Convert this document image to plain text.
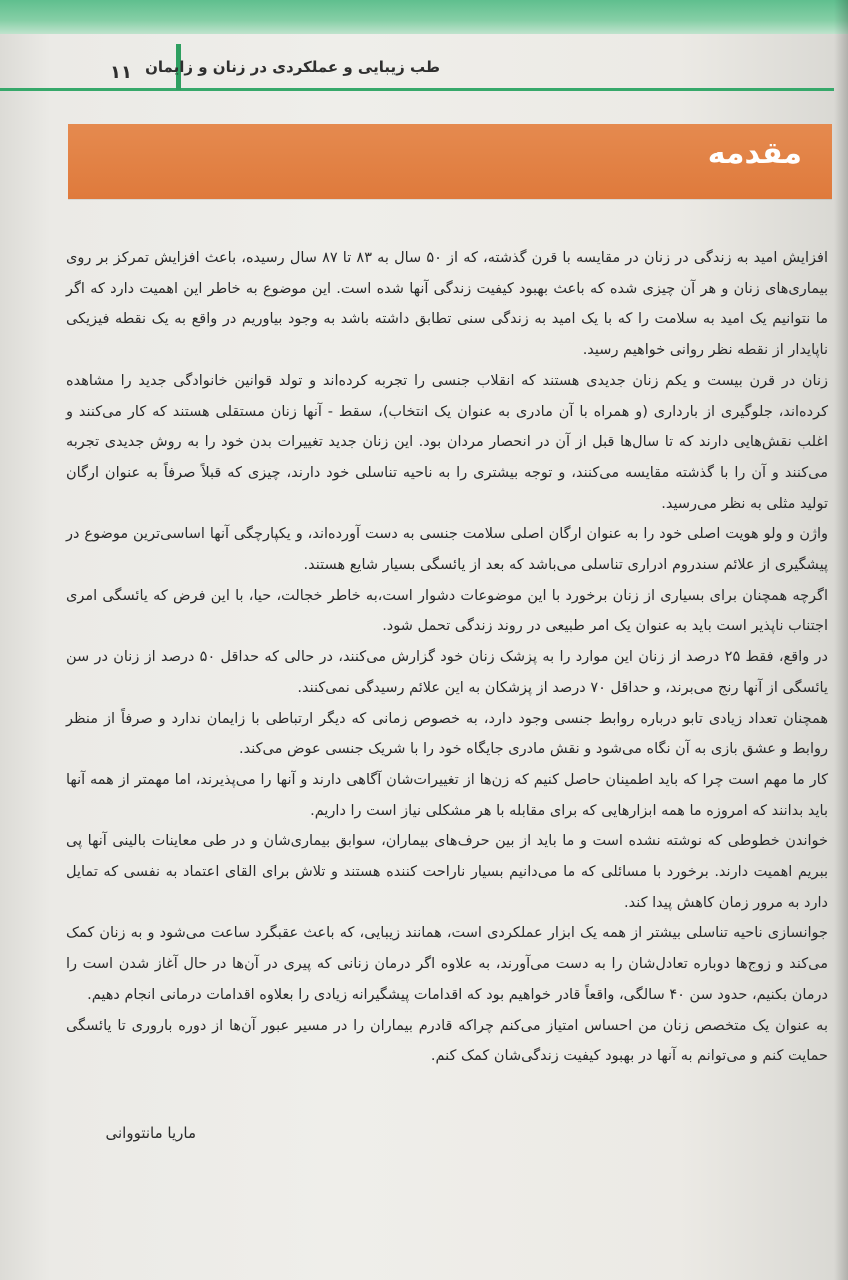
طب زیبایی و عملکردی در زنان و زایمان
۱۱
مقدمه

افزایش امید به زندگی در زنان در مقایسه با قرن گذشته، که از ۵۰ سال به ۸۳ تا ۸۷ سال رسیده، باعث افزایش تمرکز بر روی بیماری‌های زنان و هر آن چیزی شده که باعث بهبود کیفیت زندگی آنها شده است. این موضوع به خاطر این اهمیت دارد که اگر ما نتوانیم یک امید به سلامت را که با یک امید به زندگی سنی تطابق داشته باشد به وجود بیاوریم در واقع به یک نقطه فیزیکی ناپایدار از نقطه نظر روانی خواهیم رسید.

زنان در قرن بیست و یکم زنان جدیدی هستند که انقلاب جنسی را تجربه کرده‌اند و تولد قوانین خانوادگی جدید را مشاهده کرده‌اند، جلوگیری از بارداری (و همراه با آن مادری به عنوان یک انتخاب)، سقط - آنها زنان مستقلی هستند که کار می‌کنند و اغلب نقش‌هایی دارند که تا سال‌ها قبل از آن در انحصار مردان بود. این زنان جدید تغییرات بدن خود را به روش جدیدی تجربه می‌کنند و آن را با گذشته مقایسه می‌کنند، و توجه بیشتری را به ناحیه تناسلی خود دارند، چیزی که قبلاً صرفاً به عنوان ارگان تولید مثلی به نظر می‌رسید.

واژن و ولو هویت اصلی خود را به عنوان ارگان اصلی سلامت جنسی به دست آورده‌اند، و یکپارچگی آنها اساسی‌ترین موضوع در پیشگیری از علائم سندروم ادراری تناسلی می‌باشد که بعد از یائسگی بسیار شایع هستند.

اگرچه همچنان برای بسیاری از زنان برخورد با این موضوعات دشوار است،به خاطر خجالت، حیا، با این فرض که یائسگی امری اجتناب ناپذیر است باید به عنوان یک امر طبیعی در روند زندگی تحمل شود.

در واقع، فقط ۲۵ درصد از زنان این موارد را به پزشک زنان خود گزارش می‌کنند، در حالی که حداقل ۵۰ درصد از زنان در سن یائسگی از آنها رنج می‌برند، و حداقل ۷۰ درصد از پزشکان به این علائم رسیدگی نمی‌کنند.

همچنان تعداد زیادی تابو درباره روابط جنسی وجود دارد، به خصوص زمانی که دیگر ارتباطی با زایمان ندارد و صرفاً از منظر روابط و عشق بازی به آن نگاه می‌شود و نقش مادری جایگاه خود را با شریک جنسی عوض می‌کند.

کار ما مهم است چرا که باید اطمینان حاصل کنیم که زن‌ها از تغییرات‌شان آگاهی دارند و آنها را می‌پذیرند، اما مهمتر از همه آنها باید بدانند که امروزه ما همه ابزارهایی که برای مقابله با هر مشکلی نیاز است را داریم.

خواندن خطوطی که نوشته نشده است و ما باید از بین حرف‌های بیماران، سوابق بیماری‌شان و در طی معاینات بالینی آنها پی ببریم اهمیت دارند. برخورد با مسائلی که ما می‌دانیم بسیار ناراحت کننده هستند و تلاش برای القای اعتماد به نفسی که تمایل دارد به مرور زمان کاهش پیدا کند.

جوانسازی ناحیه تناسلی بیشتر از همه یک ابزار عملکردی است، همانند زیبایی، که باعث عقبگرد ساعت می‌شود و به زنان کمک می‌کند و زوج‌ها دوباره تعادل‌شان را به دست می‌آورند، به علاوه اگر درمان زنانی که پیری در آن‌ها در حال آغاز شدن است را درمان بکنیم، حدود سن ۴۰ سالگی، واقعاً قادر خواهیم بود که اقدامات پیشگیرانه زیادی را بعلاوه اقدامات درمانی انجام دهیم.

به عنوان یک متخصص زنان من احساس امتیاز می‌کنم چراکه قادرم بیماران را در مسیر عبور آن‌ها از دوره باروری تا یائسگی حمایت کنم و می‌توانم به آنها در بهبود کیفیت زندگی‌شان کمک کنم.

ماریا مانتووانی
